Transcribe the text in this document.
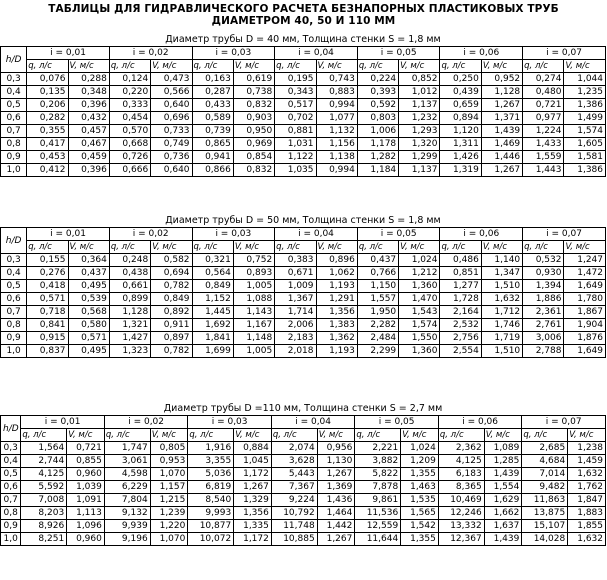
ТАБЛИЦЫ ДЛЯ ГИДРАВЛИЧЕСКОГО РАСЧЕТА БЕЗНАПОРНЫХ ПЛАСТИКОВЫХ ТРУБ
ДИАМЕТРОМ 40, 50 И 110 ММ
Диаметр трубы D = 40 мм, Толщина стенки S = 1,8 мм
h/D	i = 0,01		i = 0,02		i = 0,03		i = 0,04		i = 0,05		i = 0,06		i = 0,07	
	q, л/с	V, м/с	q, л/с	V, м/с	q, л/с	V, м/с	q, л/с	V, м/с	q, л/с	V, м/с	q, л/с	V, м/с	q, л/с	V, м/с
0,3	0,076	0,288	0,124	0,473	0,163	0,619	0,195	0,743	0,224	0,852	0,250	0,952	0,274	1,044
0,4	0,135	0,348	0,220	0,566	0,287	0,738	0,343	0,883	0,393	1,012	0,439	1,128	0,480	1,235
0,5	0,206	0,396	0,333	0,640	0,433	0,832	0,517	0,994	0,592	1,137	0,659	1,267	0,721	1,386
0,6	0,282	0,432	0,454	0,696	0,589	0,903	0,702	1,077	0,803	1,232	0,894	1,371	0,977	1,499
0,7	0,355	0,457	0,570	0,733	0,739	0,950	0,881	1,132	1,006	1,293	1,120	1,439	1,224	1,574
0,8	0,417	0,467	0,668	0,749	0,865	0,969	1,031	1,156	1,178	1,320	1,311	1,469	1,433	1,605
0,9	0,453	0,459	0,726	0,736	0,941	0,854	1,122	1,138	1,282	1,299	1,426	1,446	1,559	1,581
1,0	0,412	0,396	0,666	0,640	0,866	0,832	1,035	0,994	1,184	1,137	1,319	1,267	1,443	1,386
Диаметр трубы D = 50 мм, Толщина стенки S = 1,8 мм
h/D	i = 0,01		i = 0,02		i = 0,03		i = 0,04		i = 0,05		i = 0,06		i = 0,07	
	q, л/с	V, м/с	q, л/с	V, м/с	q, л/с	V, м/с	q, л/с	V, м/с	q, л/с	V, м/с	q, л/с	V, м/с	q, л/с	V, м/с
0,3	0,155	0,364	0,248	0,582	0,321	0,752	0,383	0,896	0,437	1,024	0,486	1,140	0,532	1,247
0,4	0,276	0,437	0,438	0,694	0,564	0,893	0,671	1,062	0,766	1,212	0,851	1,347	0,930	1,472
0,5	0,418	0,495	0,661	0,782	0,849	1,005	1,009	1,193	1,150	1,360	1,277	1,510	1,394	1,649
0,6	0,571	0,539	0,899	0,849	1,152	1,088	1,367	1,291	1,557	1,470	1,728	1,632	1,886	1,780
0,7	0,718	0,568	1,128	0,892	1,445	1,143	1,714	1,356	1,950	1,543	2,164	1,712	2,361	1,867
0,8	0,841	0,580	1,321	0,911	1,692	1,167	2,006	1,383	2,282	1,574	2,532	1,746	2,761	1,904
0,9	0,915	0,571	1,427	0,897	1,841	1,148	2,183	1,362	2,484	1,550	2,756	1,719	3,006	1,876
1,0	0,837	0,495	1,323	0,782	1,699	1,005	2,018	1,193	2,299	1,360	2,554	1,510	2,788	1,649
Диаметр трубы D =110 мм, Толщина стенки S = 2,7 мм
h/D	i = 0,01		i = 0,02		i = 0,03		i = 0,04		i = 0,05		i = 0,06		i = 0,07	
	q, л/с	V, м/с	q, л/с	V, м/с	q, л/с	V, м/с	q, л/с	V, м/с	q, л/с	V, м/с	q, л/с	V, м/с	q, л/с	V, м/с
0,3	1,564	0,721	1,747	0,805	1,916	0,884	2,074	0,956	2,221	1,024	2,362	1,089	2,685	1,238
0,4	2,744	0,855	3,061	0,953	3,355	1,045	3,628	1,130	3,882	1,209	4,125	1,285	4,684	1,459
0,5	4,125	0,960	4,598	1,070	5,036	1,172	5,443	1,267	5,822	1,355	6,183	1,439	7,014	1,632
0,6	5,592	1,039	6,229	1,157	6,819	1,267	7,367	1,369	7,878	1,463	8,365	1,554	9,482	1,762
0,7	7,008	1,091	7,804	1,215	8,540	1,329	9,224	1,436	9,861	1,535	10,469	1,629	11,863	1,847
0,8	8,203	1,113	9,132	1,239	9,993	1,356	10,792	1,464	11,536	1,565	12,246	1,662	13,875	1,883
0,9	8,926	1,096	9,939	1,220	10,877	1,335	11,748	1,442	12,559	1,542	13,332	1,637	15,107	1,855
1,0	8,251	0,960	9,196	1,070	10,072	1,172	10,885	1,267	11,644	1,355	12,367	1,439	14,028	1,632
